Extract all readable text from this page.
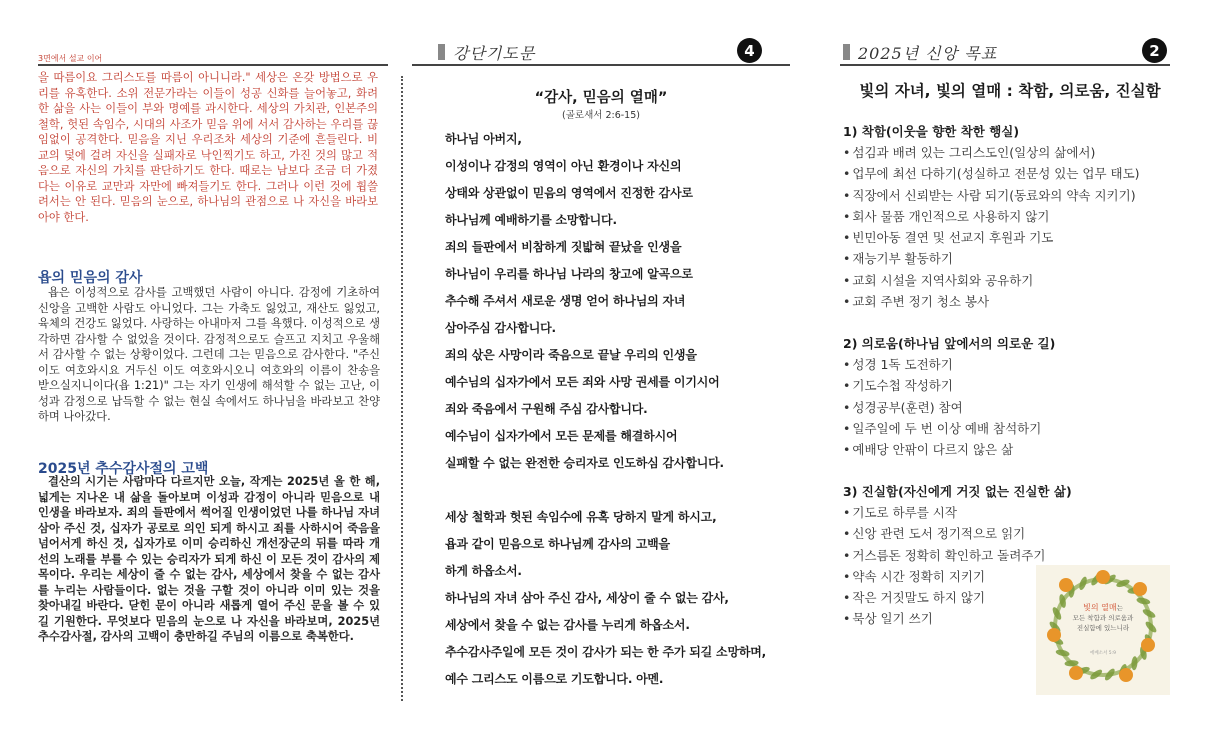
3면에서 설교 이어

을 따름이요 그리스도를 따름이 아니니라." 세상은 온갖 방법으로 우리를 유혹한다. 소위 전문가라는 이들이 성공 신화를 늘어놓고, 화려한 삶을 사는 이들이 부와 명예를 과시한다. 세상의 가치관, 인본주의 철학, 헛된 속임수, 시대의 사조가 믿음 위에 서서 감사하는 우리를 끊임없이 공격한다. 믿음을 지닌 우리조차 세상의 기준에 흔들린다. 비교의 덫에 걸려 자신을 실패자로 낙인찍기도 하고, 가진 것의 많고 적음으로 자신의 가치를 판단하기도 한다. 때로는 남보다 조금 더 가졌다는 이유로 교만과 자만에 빠져들기도 한다. 그러나 이런 것에 휩쓸려서는 안 된다. 믿음의 눈으로, 하나님의 관점으로 나 자신을 바라보아야 한다.

욥의 믿음의 감사

욥은 이성적으로 감사를 고백했던 사람이 아니다. 감정에 기초하여 신앙을 고백한 사람도 아니었다. 그는 가축도 잃었고, 재산도 잃었고, 육체의 건강도 잃었다. 사랑하는 아내마저 그를 욕했다. 이성적으로 생각하면 감사할 수 없었을 것이다. 감정적으로도 슬프고 지치고 우울해서 감사할 수 없는 상황이었다. 그런데 그는 믿음으로 감사한다. "주신 이도 여호와시요 거두신 이도 여호와시오니 여호와의 이름이 찬송을 받으실지니이다(욥 1:21)" 그는 자기 인생에 해석할 수 없는 고난, 이성과 감정으로 납득할 수 없는 현실 속에서도 하나님을 바라보고 찬양하며 나아갔다.

2025년 추수감사절의 고백

결산의 시기는 사람마다 다르지만 오늘, 작게는 2025년 올 한 해, 넓게는 지나온 내 삶을 돌아보며 이성과 감정이 아니라 믿음으로 내 인생을 바라보자. 죄의 들판에서 썩어질 인생이었던 나를 하나님 자녀 삼아 주신 것, 십자가 공로로 의인 되게 하시고 죄를 사하시어 죽음을 넘어서게 하신 것, 십자가로 이미 승리하신 개선장군의 뒤를 따라 개선의 노래를 부를 수 있는 승리자가 되게 하신 이 모든 것이 감사의 제목이다. 우리는 세상이 줄 수 없는 감사, 세상에서 찾을 수 없는 감사를 누리는 사람들이다. 없는 것을 구할 것이 아니라 이미 있는 것을 찾아내길 바란다. 닫힌 문이 아니라 새롭게 열어 주신 문을 볼 수 있길 기원한다. 무엇보다 믿음의 눈으로 나 자신을 바라보며, 2025년 추수감사절, 감사의 고백이 충만하길 주님의 이름으로 축복한다.

강단기도문	4
“감사, 믿음의 열매”
(골로새서 2:6-15)
하나님 아버지,
이성이나 감정의 영역이 아닌 환경이나 자신의
상태와 상관없이 믿음의 영역에서 진정한 감사로
하나님께 예배하기를 소망합니다.
죄의 들판에서 비참하게 짓밟혀 끝났을 인생을
하나님이 우리를 하나님 나라의 창고에 알곡으로
추수해 주셔서 새로운 생명 얻어 하나님의 자녀
삼아주심 감사합니다.
죄의 삯은 사망이라 죽음으로 끝날 우리의 인생을
예수님의 십자가에서 모든 죄와 사망 권세를 이기시어
죄와 죽음에서 구원해 주심 감사합니다.
예수님이 십자가에서 모든 문제를 해결하시어
실패할 수 없는 완전한 승리자로 인도하심 감사합니다.
세상 철학과 헛된 속임수에 유혹 당하지 말게 하시고,
욥과 같이 믿음으로 하나님께 감사의 고백을
하게 하옵소서.
하나님의 자녀 삼아 주신 감사, 세상이 줄 수 없는 감사,
세상에서 찾을 수 없는 감사를 누리게 하옵소서.
추수감사주일에 모든 것이 감사가 되는 한 주가 되길 소망하며,
예수 그리스도 이름으로 기도합니다. 아멘.
2025년 신앙 목표	2
빛의 자녀, 빛의 열매 : 착함, 의로움, 진실함
1) 착함(이웃을 향한 착한 행실)
• 섬김과 배려 있는 그리스도인(일상의 삶에서)
• 업무에 최선 다하기(성실하고 전문성 있는 업무 태도)
• 직장에서 신뢰받는 사람 되기(동료와의 약속 지키기)
• 회사 물품 개인적으로 사용하지 않기
• 빈민아동 결연 및 선교지 후원과 기도
• 재능기부 활동하기
• 교회 시설을 지역사회와 공유하기
• 교회 주변 정기 청소 봉사
2) 의로움(하나님 앞에서의 의로운 길)
• 성경 1독 도전하기
• 기도수첩 작성하기
• 성경공부(훈련) 참여
• 일주일에 두 번 이상 예배 참석하기
• 예배당 안팎이 다르지 않은 삶
3) 진실함(자신에게 거짓 없는 진실한 삶)
• 기도로 하루를 시작
• 신앙 관련 도서 정기적으로 읽기
• 거스름돈 정확히 확인하고 돌려주기
• 약속 시간 정확히 지키기
• 작은 거짓말도 하지 않기
• 묵상 일기 쓰기
빛의 열매는
모든 착함과 의로움과
진실함에 있느니라
에베소서 5:9
